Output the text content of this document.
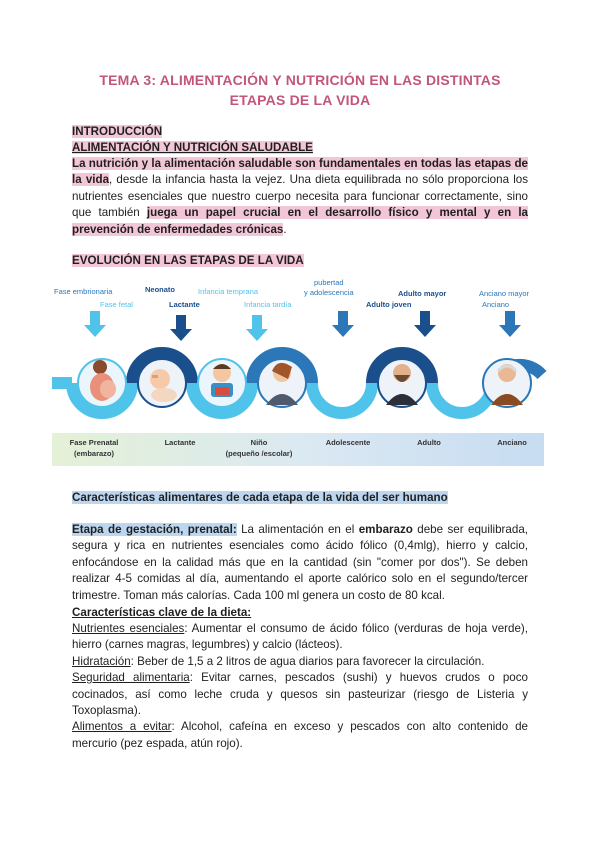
TEMA 3: ALIMENTACIÓN Y NUTRICIÓN EN LAS DISTINTAS
ETAPAS DE LA VIDA
INTRODUCCIÓN
ALIMENTACIÓN Y NUTRICIÓN SALUDABLE

La nutrición y la alimentación saludable son fundamentales en todas las etapas de la vida, desde la infancia hasta la vejez. Una dieta equilibrada no sólo proporciona los nutrientes esenciales que nuestro cuerpo necesita para funcionar correctamente, sino que también juega un papel crucial en el desarrollo físico y mental y en la prevención de enfermedades crónicas.

EVOLUCIÓN EN LAS ETAPAS DE LA VIDA
Fase embrionaria
Fase fetal
Neonato
Lactante
Infancia temprana
Infancia tardía
pubertad
y adolescencia
Adulto joven
Adulto mayor	Anciano mayor
Anciano
Fase Prenatal
(embarazo)
Lactante	Niño
(pequeño /escolar)
Adolescente	Adulto	Anciano
Características alimentares de cada etapa de la vida del ser humano

Etapa de gestación, prenatal: La alimentación en el embarazo debe ser equilibrada, segura y rica en nutrientes esenciales como ácido fólico (0,4mlg), hierro y calcio, enfocándose en la calidad más que en la cantidad (sin "comer por dos"). Se deben realizar 4-5 comidas al día, aumentando el aporte calórico solo en el segundo/tercer trimestre. Toman más calorías. Cada 100 ml genera un costo de 80 kcal.

Características clave de la dieta:

Nutrientes esenciales: Aumentar el consumo de ácido fólico (verduras de hoja verde), hierro (carnes magras, legumbres) y calcio (lácteos).

Hidratación: Beber de 1,5 a 2 litros de agua diarios para favorecer la circulación.

Seguridad alimentaria: Evitar carnes, pescados (sushi) y huevos crudos o poco cocinados, así como leche cruda y quesos sin pasteurizar (riesgo de Listeria y Toxoplasma).

Alimentos a evitar: Alcohol, cafeína en exceso y pescados con alto contenido de mercurio (pez espada, atún rojo).
